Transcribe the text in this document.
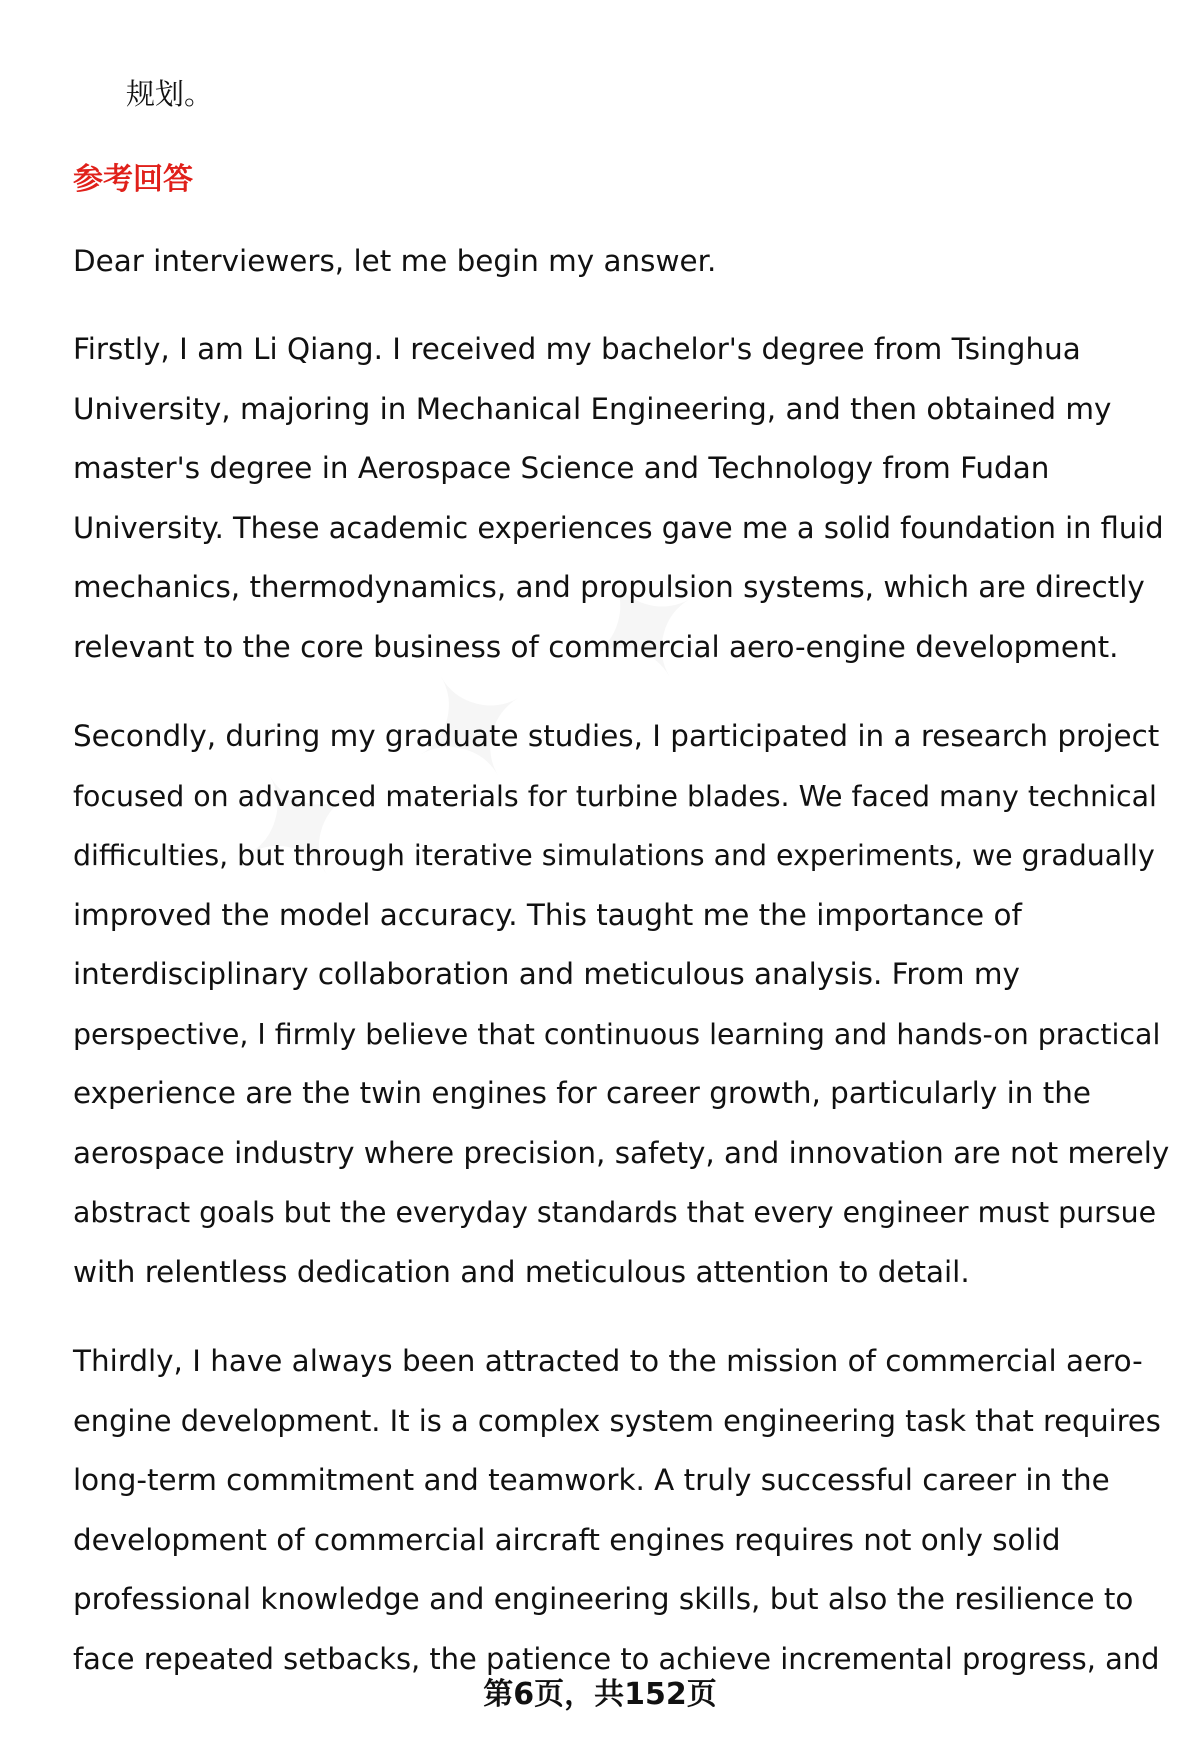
规划。

参考回答

Dear interviewers, let me begin my answer.

Firstly, I am Li Qiang. I received my bachelor's degree from Tsinghua
University, majoring in Mechanical Engineering, and then obtained my
master's degree in Aerospace Science and Technology from Fudan
University. These academic experiences gave me a solid foundation in fluid
mechanics, thermodynamics, and propulsion systems, which are directly
relevant to the core business of commercial aero-engine development.

Secondly, during my graduate studies, I participated in a research project
focused on advanced materials for turbine blades. We faced many technical
difficulties, but through iterative simulations and experiments, we gradually
improved the model accuracy. This taught me the importance of
interdisciplinary collaboration and meticulous analysis. From my
perspective, I firmly believe that continuous learning and hands-on practical
experience are the twin engines for career growth, particularly in the
aerospace industry where precision, safety, and innovation are not merely
abstract goals but the everyday standards that every engineer must pursue
with relentless dedication and meticulous attention to detail.

Thirdly, I have always been attracted to the mission of commercial aero-
engine development. It is a complex system engineering task that requires
long-term commitment and teamwork. A truly successful career in the
development of commercial aircraft engines requires not only solid
professional knowledge and engineering skills, but also the resilience to
face repeated setbacks, the patience to achieve incremental progress, and

第6页，共152页
